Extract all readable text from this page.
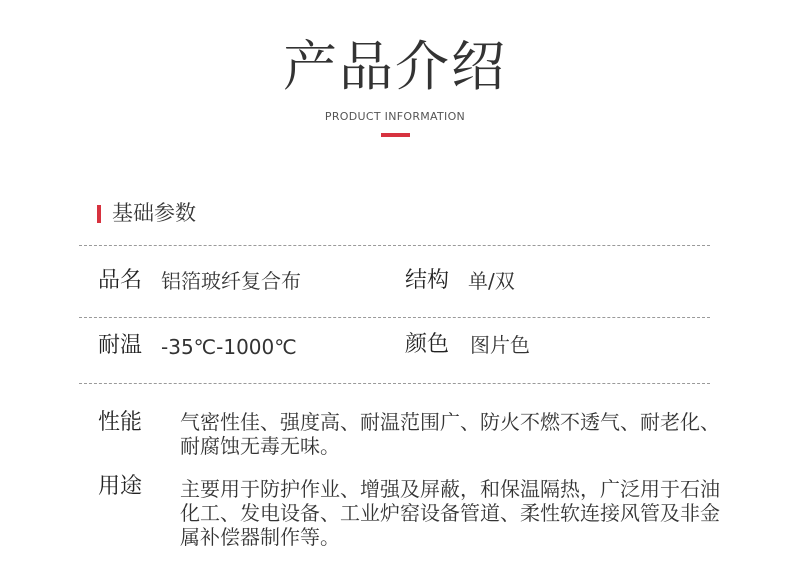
产品介绍
PRODUCT INFORMATION
基础参数
品名 铝箔玻纤复合布	结构 单/双
耐温 -35℃-1000℃	颜色 图片色
性能 气密性佳、强度高、耐温范围广、防火不燃不透气、耐老化、
耐腐蚀无毒无味。
用途 主要用于防护作业、增强及屏蔽，和保温隔热，广泛用于石油
化工、发电设备、工业炉窑设备管道、柔性软连接风管及非金
属补偿器制作等。
